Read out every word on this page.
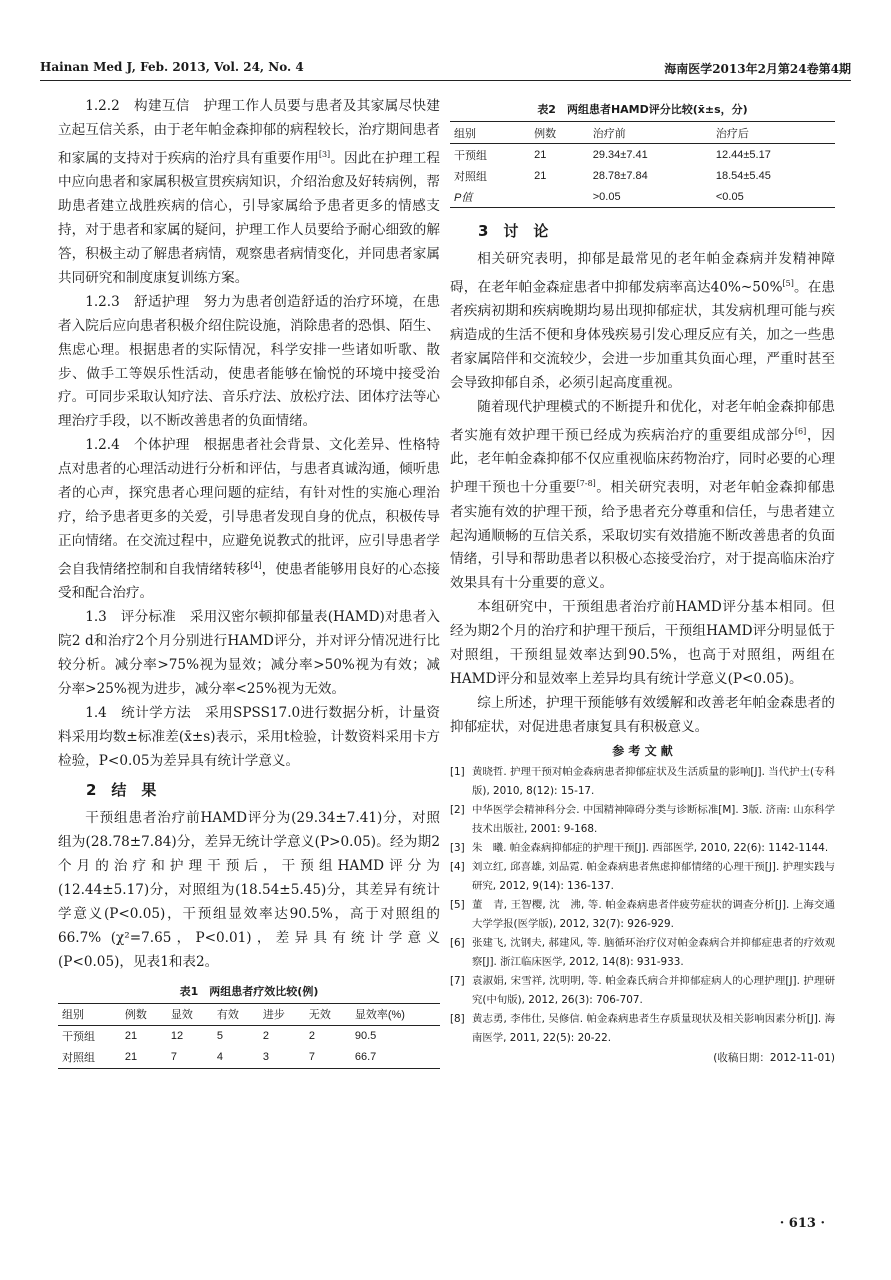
Hainan Med J, Feb. 2013, Vol. 24, No. 4	海南医学2013年2月第24卷第4期

1.2.2　构建互信　护理工作人员要与患者及其家属尽快建立起互信关系，由于老年帕金森抑郁的病程较长，治疗期间患者和家属的支持对于疾病的治疗具有重要作用[3]。因此在护理工程中应向患者和家属积极宣贯疾病知识，介绍治愈及好转病例，帮助患者建立战胜疾病的信心，引导家属给予患者更多的情感支持，对于患者和家属的疑问，护理工作人员要给予耐心细致的解答，积极主动了解患者病情，观察患者病情变化，并同患者家属共同研究和制度康复训练方案。

1.2.3　舒适护理　努力为患者创造舒适的治疗环境，在患者入院后应向患者积极介绍住院设施，消除患者的恐惧、陌生、焦虑心理。根据患者的实际情况，科学安排一些诸如听歌、散步、做手工等娱乐性活动，使患者能够在愉悦的环境中接受治疗。可同步采取认知疗法、音乐疗法、放松疗法、团体疗法等心理治疗手段，以不断改善患者的负面情绪。

1.2.4　个体护理　根据患者社会背景、文化差异、性格特点对患者的心理活动进行分析和评估，与患者真诚沟通，倾听患者的心声，探究患者心理问题的症结，有针对性的实施心理治疗，给予患者更多的关爱，引导患者发现自身的优点，积极传导正向情绪。在交流过程中，应避免说教式的批评，应引导患者学会自我情绪控制和自我情绪转移[4]，使患者能够用良好的心态接受和配合治疗。

1.3　评分标准　采用汉密尔顿抑郁量表(HAMD)对患者入院2 d和治疗2个月分别进行HAMD评分，并对评分情况进行比较分析。减分率>75%视为显效；减分率>50%视为有效；减分率>25%视为进步，减分率<25%视为无效。

1.4　统计学方法　采用SPSS17.0进行数据分析，计量资料采用均数±标准差(x̄±s)表示，采用t检验，计数资料采用卡方检验，P<0.05为差异具有统计学意义。

2　结　果

干预组患者治疗前HAMD评分为(29.34±7.41)分，对照组为(28.78±7.84)分，差异无统计学意义(P>0.05)。经为期2个月的治疗和护理干预后，干预组HAMD评分为(12.44±5.17)分，对照组为(18.54±5.45)分，其差异有统计学意义(P<0.05)，干预组显效率达90.5%，高于对照组的66.7% (χ²=7.65，P<0.01)，差异具有统计学意义(P<0.05)，见表1和表2。

表1　两组患者疗效比较(例)
组别	例数	显效	有效	进步	无效	显效率(%)
干预组	21	12	5	2	2	90.5
对照组	21	7	4	3	7	66.7
表2　两组患者HAMD评分比较(x̄±s，分)
组别	例数	治疗前	治疗后
干预组	21	29.34±7.41	12.44±5.17
对照组	21	28.78±7.84	18.54±5.45
P值		>0.05	<0.05
3　讨　论

相关研究表明，抑郁是最常见的老年帕金森病并发精神障碍，在老年帕金森症患者中抑郁发病率高达40%~50%[5]。在患者疾病初期和疾病晚期均易出现抑郁症状，其发病机理可能与疾病造成的生活不便和身体残疾易引发心理反应有关，加之一些患者家属陪伴和交流较少，会进一步加重其负面心理，严重时甚至会导致抑郁自杀，必须引起高度重视。

随着现代护理模式的不断提升和优化，对老年帕金森抑郁患者实施有效护理干预已经成为疾病治疗的重要组成部分[6]，因此，老年帕金森抑郁不仅应重视临床药物治疗，同时必要的心理护理干预也十分重要[7-8]。相关研究表明，对老年帕金森抑郁患者实施有效的护理干预，给予患者充分尊重和信任，与患者建立起沟通顺畅的互信关系，采取切实有效措施不断改善患者的负面情绪，引导和帮助患者以积极心态接受治疗，对于提高临床治疗效果具有十分重要的意义。

本组研究中，干预组患者治疗前HAMD评分基本相同。但经为期2个月的治疗和护理干预后，干预组HAMD评分明显低于对照组，干预组显效率达到90.5%，也高于对照组，两组在HAMD评分和显效率上差异均具有统计学意义(P<0.05)。

综上所述，护理干预能够有效缓解和改善老年帕金森患者的抑郁症状，对促进患者康复具有积极意义。

参 考 文 献
[1] 黄晓哲. 护理干预对帕金森病患者抑郁症状及生活质量的影响[J]. 当代护士(专科版), 2010, 8(12): 15-17.
[2] 中华医学会精神科分会. 中国精神障碍分类与诊断标准[M]. 3版. 济南: 山东科学技术出版社, 2001: 9-168.
[3] 朱　曦. 帕金森病抑郁症的护理干预[J]. 西部医学, 2010, 22(6): 1142-1144.
[4] 刘立红, 邱喜雄, 刘品霓. 帕金森病患者焦虑抑郁情绪的心理干预[J]. 护理实践与研究, 2012, 9(14): 136-137.
[5] 董　青, 王智樱, 沈　沸, 等. 帕金森病患者伴疲劳症状的调查分析[J]. 上海交通大学学报(医学版), 2012, 32(7): 926-929.
[6] 张建飞, 沈钢夫, 郝建风, 等. 脑循环治疗仪对帕金森病合并抑郁症患者的疗效观察[J]. 浙江临床医学, 2012, 14(8): 931-933.
[7] 袁淑娟, 宋雪祥, 沈明明, 等. 帕金森氏病合并抑郁症病人的心理护理[J]. 护理研究(中旬版), 2012, 26(3): 706-707.
[8] 黄志勇, 李伟仕, 吴修信. 帕金森病患者生存质量现状及相关影响因素分析[J]. 海南医学, 2011, 22(5): 20-22.
(收稿日期：2012-11-01)
· 613 ·
